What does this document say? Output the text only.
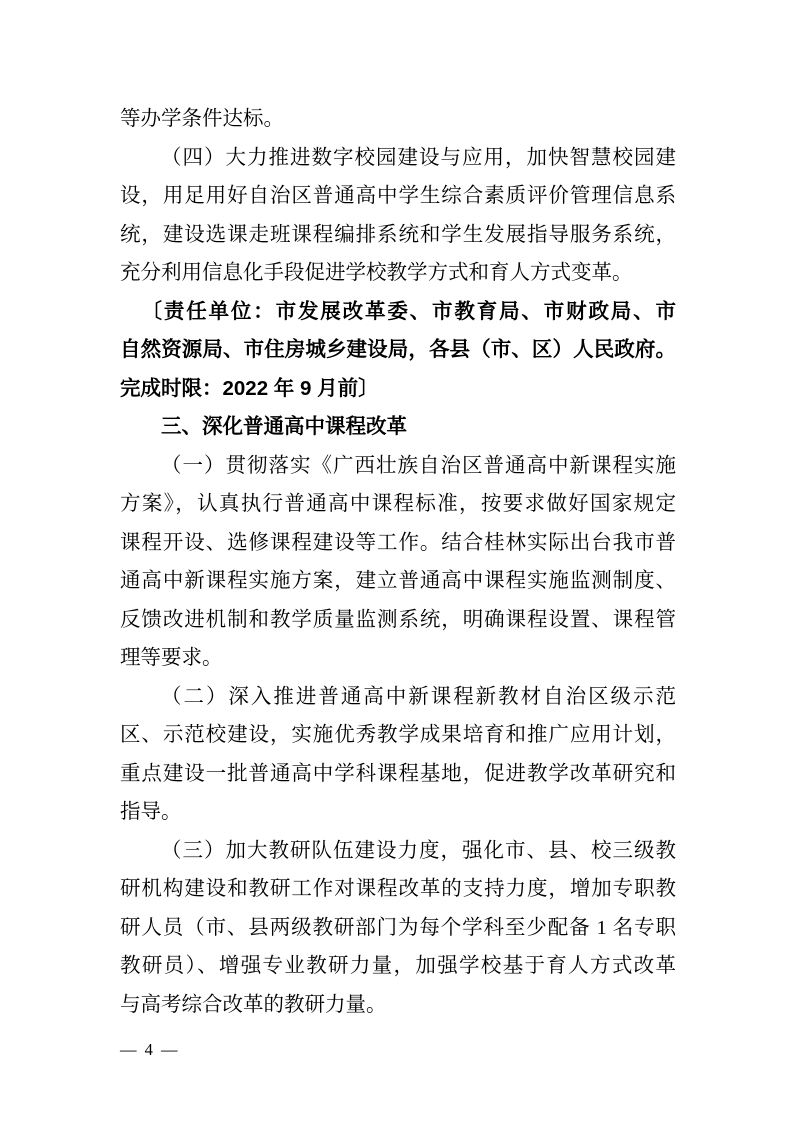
等办学条件达标。
（四）大力推进数字校园建设与应用，加快智慧校园建
设，用足用好自治区普通高中学生综合素质评价管理信息系
统，建设选课走班课程编排系统和学生发展指导服务系统，
充分利用信息化手段促进学校教学方式和育人方式变革。
〔责任单位：市发展改革委、市教育局、市财政局、市
自然资源局、市住房城乡建设局，各县（市、区）人民政府。
完成时限：2022 年 9 月前〕
三、深化普通高中课程改革
（一）贯彻落实《广西壮族自治区普通高中新课程实施
方案》，认真执行普通高中课程标准，按要求做好国家规定
课程开设、选修课程建设等工作。结合桂林实际出台我市普
通高中新课程实施方案，建立普通高中课程实施监测制度、
反馈改进机制和教学质量监测系统，明确课程设置、课程管
理等要求。
（二）深入推进普通高中新课程新教材自治区级示范
区、示范校建设，实施优秀教学成果培育和推广应用计划，
重点建设一批普通高中学科课程基地，促进教学改革研究和
指导。
（三）加大教研队伍建设力度，强化市、县、校三级教
研机构建设和教研工作对课程改革的支持力度，增加专职教
研人员（市、县两级教研部门为每个学科至少配备 1 名专职
教研员）、增强专业教研力量，加强学校基于育人方式改革
与高考综合改革的教研力量。
— 4 —
